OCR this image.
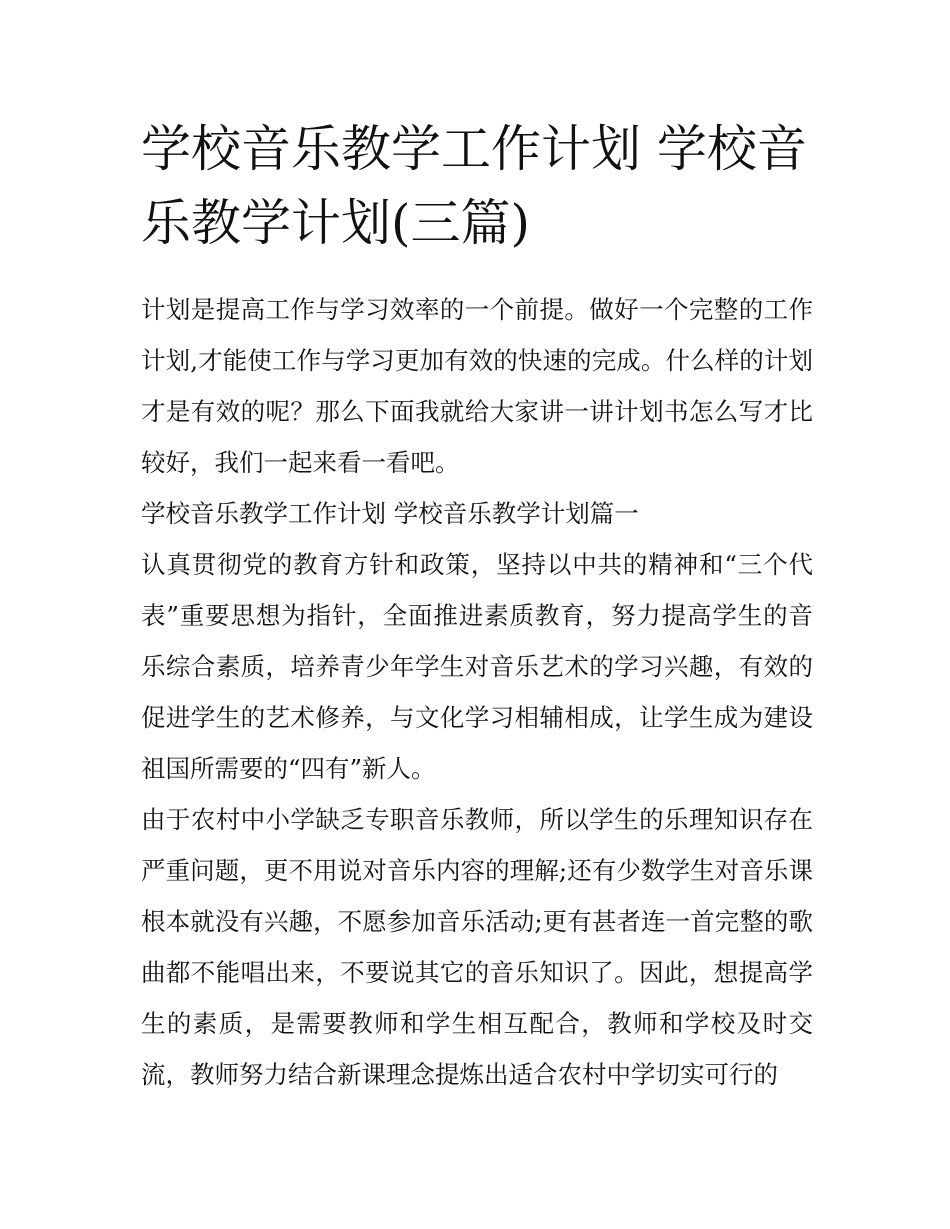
学校音乐教学工作计划 学校音乐教学计划(三篇)

计划是提高工作与学习效率的一个前提。做好一个完整的工作计划,才能使工作与学习更加有效的快速的完成。什么样的计划才是有效的呢？那么下面我就给大家讲一讲计划书怎么写才比较好，我们一起来看一看吧。

学校音乐教学工作计划 学校音乐教学计划篇一

认真贯彻党的教育方针和政策，坚持以中共的精神和“三个代表”重要思想为指针，全面推进素质教育，努力提高学生的音乐综合素质，培养青少年学生对音乐艺术的学习兴趣，有效的促进学生的艺术修养，与文化学习相辅相成，让学生成为建设祖国所需要的“四有”新人。

由于农村中小学缺乏专职音乐教师，所以学生的乐理知识存在严重问题，更不用说对音乐内容的理解;还有少数学生对音乐课根本就没有兴趣，不愿参加音乐活动;更有甚者连一首完整的歌曲都不能唱出来，不要说其它的音乐知识了。因此，想提高学生的素质，是需要教师和学生相互配合，教师和学校及时交流，教师努力结合新课理念提炼出适合农村中学切实可行的
